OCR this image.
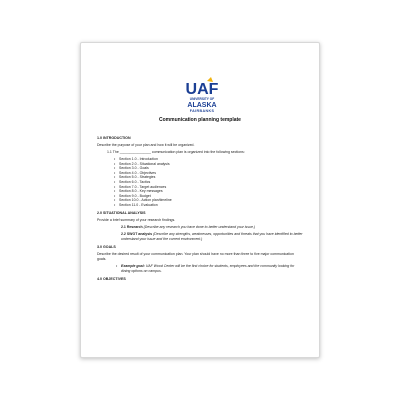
UAF
UNIVERSITY OF
ALASKA
FAIRBANKS
Communication planning template
1.0 INTRODUCTION
Describe the purpose of your plan and how it will be organized.
1.1 The ________________ communication plan is organized into the following sections:
• Section 1.0 - Introduction
• Section 2.0 - Situational analysis
• Section 3.0 - Goals
• Section 4.0 - Objectives
• Section 5.0 - Strategies
• Section 6.0 - Tactics
• Section 7.0 - Target audiences
• Section 8.0 - Key messages
• Section 9.0 - Budget
• Section 10.0 - Action plan/timeline
• Section 11.0 - Evaluation
2.0 SITUATIONAL ANALYSIS
Provide a brief summary of your research findings.
2.1 Research (Describe any research you have done to better understand your issue.)
2.2 SWOT analysis (Describe any strengths, weaknesses, opportunities and threats that you have identified to better understand your issue and the current environment.)
3.0 GOALS
Describe the desired result of your communication plan. Your plan should have no more than three to five major communication goals.
• Example goal: UAF Wood Center will be the first choice for students, employees and the community looking for dining options on campus.
4.0 OBJECTIVES
